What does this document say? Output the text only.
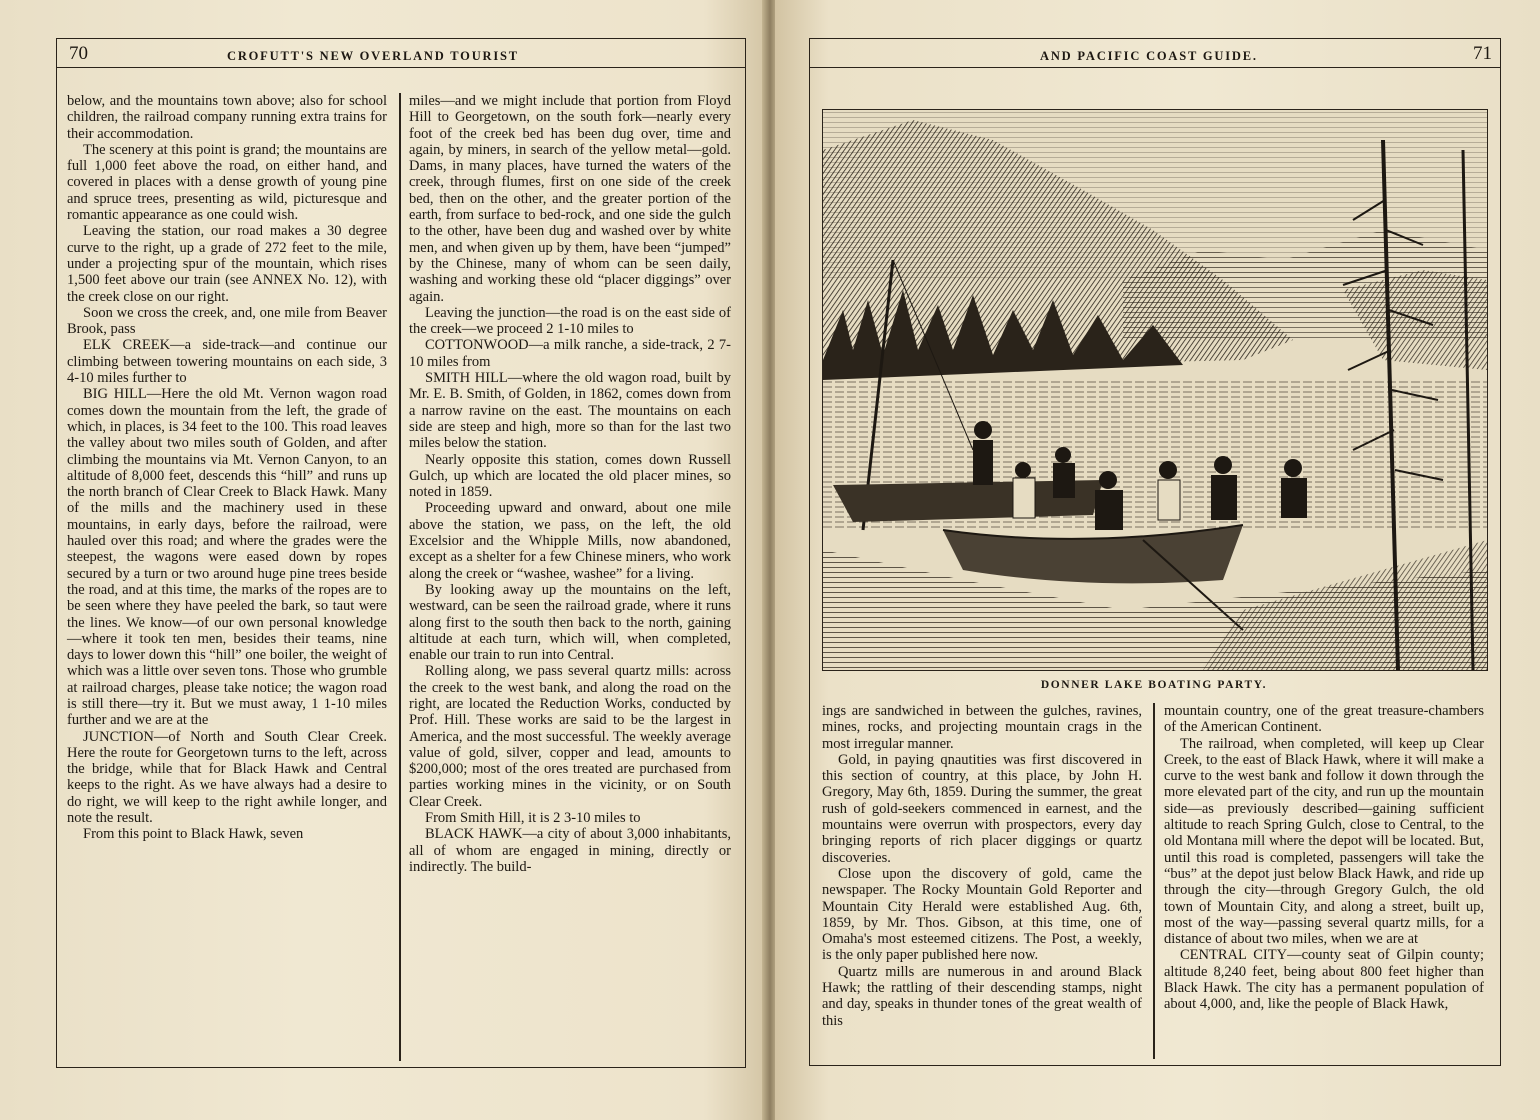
70	CROFUTT'S NEW OVERLAND TOURIST

below, and the mountains town above; also for school children, the railroad company running extra trains for their accommodation.

The scenery at this point is grand; the mountains are full 1,000 feet above the road, on either hand, and covered in places with a dense growth of young pine and spruce trees, presenting as wild, picturesque and romantic appearance as one could wish.

Leaving the station, our road makes a 30 degree curve to the right, up a grade of 272 feet to the mile, under a projecting spur of the mountain, which rises 1,500 feet above our train (see ANNEX No. 12), with the creek close on our right.

Soon we cross the creek, and, one mile from Beaver Brook, pass

ELK CREEK—a side-track—and continue our climbing between towering mountains on each side, 3 4-10 miles further to

BIG HILL—Here the old Mt. Vernon wagon road comes down the mountain from the left, the grade of which, in places, is 34 feet to the 100. This road leaves the valley about two miles south of Golden, and after climbing the mountains via Mt. Vernon Canyon, to an altitude of 8,000 feet, descends this “hill” and runs up the north branch of Clear Creek to Black Hawk. Many of the mills and the machinery used in these mountains, in early days, before the railroad, were hauled over this road; and where the grades were the steepest, the wagons were eased down by ropes secured by a turn or two around huge pine trees beside the road, and at this time, the marks of the ropes are to be seen where they have peeled the bark, so taut were the lines. We know—of our own personal knowledge—where it took ten men, besides their teams, nine days to lower down this “hill” one boiler, the weight of which was a little over seven tons. Those who grumble at railroad charges, please take notice; the wagon road is still there—try it. But we must away, 1 1-10 miles further and we are at the

JUNCTION—of North and South Clear Creek. Here the route for Georgetown turns to the left, across the bridge, while that for Black Hawk and Central keeps to the right. As we have always had a desire to do right, we will keep to the right awhile longer, and note the result.

From this point to Black Hawk, seven

miles—and we might include that portion from Floyd Hill to Georgetown, on the south fork—nearly every foot of the creek bed has been dug over, time and again, by miners, in search of the yellow metal—gold. Dams, in many places, have turned the waters of the creek, through flumes, first on one side of the creek bed, then on the other, and the greater portion of the earth, from surface to bed-rock, and one side the gulch to the other, have been dug and washed over by white men, and when given up by them, have been “jumped” by the Chinese, many of whom can be seen daily, washing and working these old “placer diggings” over again.

Leaving the junction—the road is on the east side of the creek—we proceed 2 1-10 miles to

COTTONWOOD—a milk ranche, a side-track, 2 7-10 miles from

SMITH HILL—where the old wagon road, built by Mr. E. B. Smith, of Golden, in 1862, comes down from a narrow ravine on the east. The mountains on each side are steep and high, more so than for the last two miles below the station.

Nearly opposite this station, comes down Russell Gulch, up which are located the old placer mines, so noted in 1859.

Proceeding upward and onward, about one mile above the station, we pass, on the left, the old Excelsior and the Whipple Mills, now abandoned, except as a shelter for a few Chinese miners, who work along the creek or “washee, washee” for a living.

By looking away up the mountains on the left, westward, can be seen the railroad grade, where it runs along first to the south then back to the north, gaining altitude at each turn, which will, when completed, enable our train to run into Central.

Rolling along, we pass several quartz mills: across the creek to the west bank, and along the road on the right, are located the Reduction Works, conducted by Prof. Hill. These works are said to be the largest in America, and the most successful. The weekly average value of gold, silver, copper and lead, amounts to $200,000; most of the ores treated are purchased from parties working mines in the vicinity, or on South Clear Creek.

From Smith Hill, it is 2 3-10 miles to

BLACK HAWK—a city of about 3,000 inhabitants, all of whom are engaged in mining, directly or indirectly. The build-

AND PACIFIC COAST GUIDE.	71
DONNER LAKE BOATING PARTY.

ings are sandwiched in between the gulches, ravines, mines, rocks, and projecting mountain crags in the most irregular manner.

Gold, in paying qnautities was first discovered in this section of country, at this place, by John H. Gregory, May 6th, 1859. During the summer, the great rush of gold-seekers commenced in earnest, and the mountains were overrun with prospectors, every day bringing reports of rich placer diggings or quartz discoveries.

Close upon the discovery of gold, came the newspaper. The Rocky Mountain Gold Reporter and Mountain City Herald were established Aug. 6th, 1859, by Mr. Thos. Gibson, at this time, one of Omaha's most esteemed citizens. The Post, a weekly, is the only paper published here now.

Quartz mills are numerous in and around Black Hawk; the rattling of their descending stamps, night and day, speaks in thunder tones of the great wealth of this

mountain country, one of the great treasure-chambers of the American Continent.

The railroad, when completed, will keep up Clear Creek, to the east of Black Hawk, where it will make a curve to the west bank and follow it down through the more elevated part of the city, and run up the mountain side—as previously described—gaining sufficient altitude to reach Spring Gulch, close to Central, to the old Montana mill where the depot will be located. But, until this road is completed, passengers will take the “bus” at the depot just below Black Hawk, and ride up through the city—through Gregory Gulch, the old town of Mountain City, and along a street, built up, most of the way—passing several quartz mills, for a distance of about two miles, when we are at

CENTRAL CITY—county seat of Gilpin county; altitude 8,240 feet, being about 800 feet higher than Black Hawk. The city has a permanent population of about 4,000, and, like the people of Black Hawk,
